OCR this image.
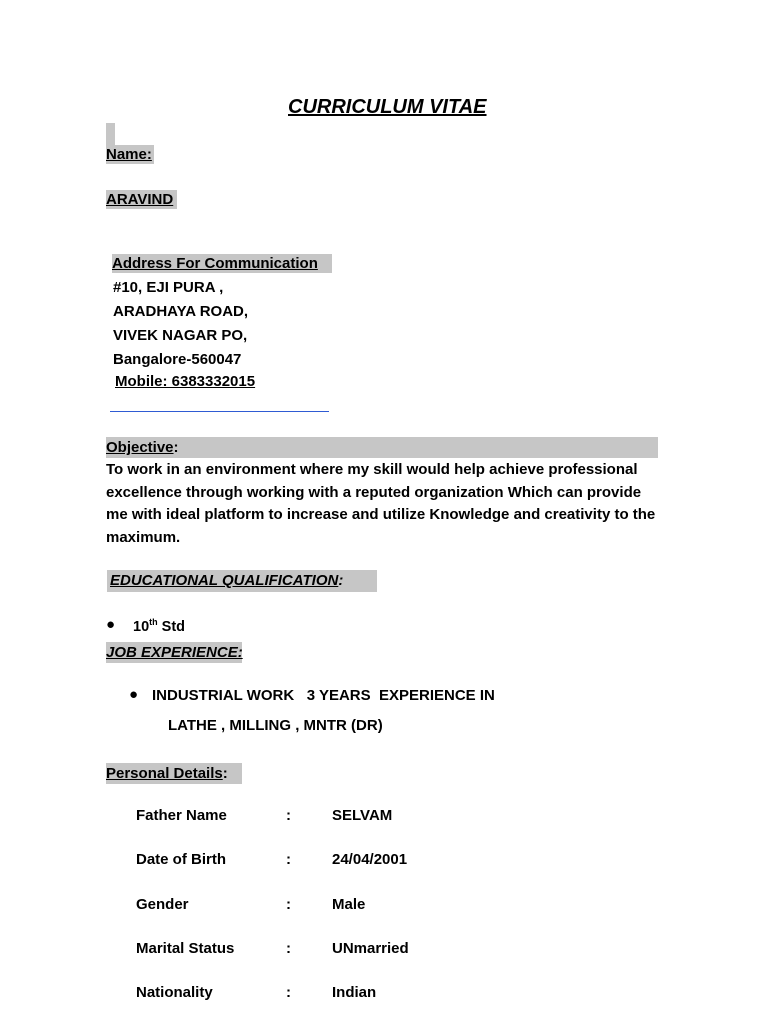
CURRICULUM VITAE
Name:
ARAVIND
Address For Communication
#10, EJI PURA ,
ARADHAYA ROAD,
VIVEK NAGAR PO,
Bangalore-560047
Mobile: 6383332015
Objective:
To work in an environment where my skill would help achieve professional excellence through working with a reputed organization Which can provide me with ideal platform to increase and utilize Knowledge and creativity to the maximum.
EDUCATIONAL QUALIFICATION:
● 10th Std
JOB EXPERIENCE:
● INDUSTRIAL WORK   3 YEARS  EXPERIENCE IN
LATHE , MILLING , MNTR (DR)
Personal Details:
Father Name	:	SELVAM
Date of Birth	:	24/04/2001
Gender	:	Male
Marital Status	:	UNmarried
Nationality	:	Indian
